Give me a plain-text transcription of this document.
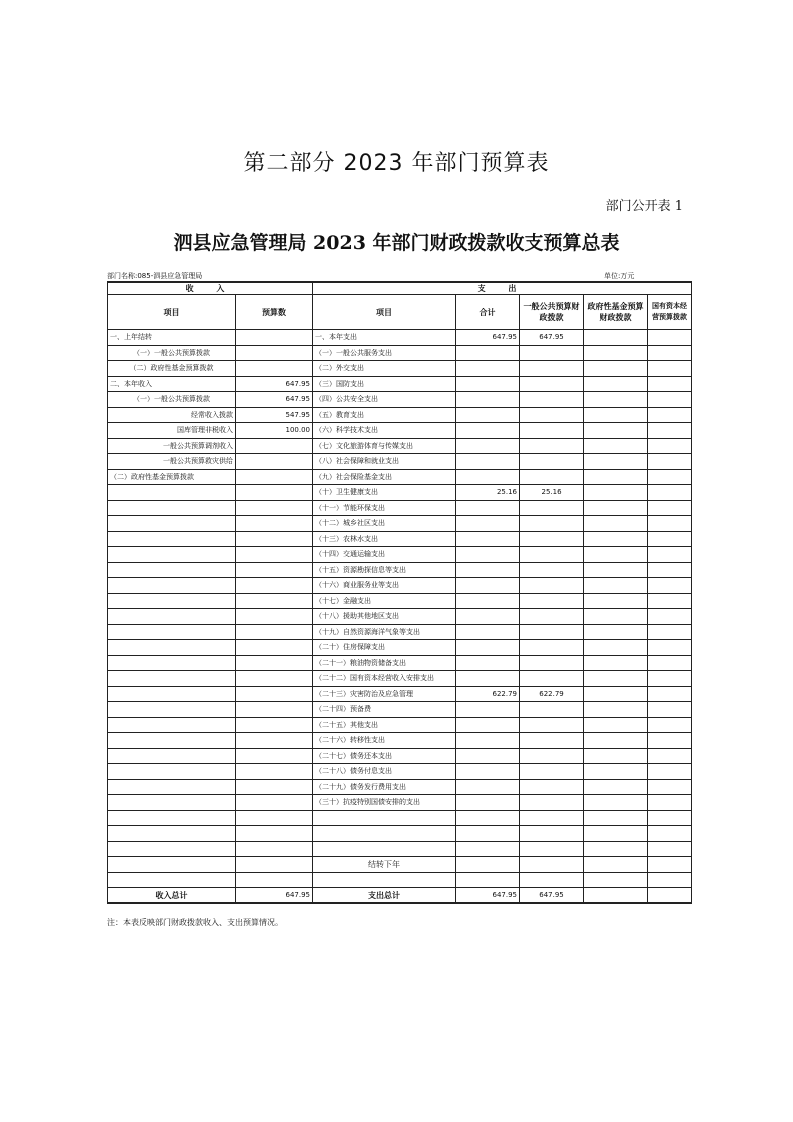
第二部分 2023 年部门预算表
部门公开表 1
泗县应急管理局 2023 年部门财政拨款收支预算总表
部门名称:085-泗县应急管理局	单位:万元
收 入		支 出				
项目	预算数	项目	合计	一般公共预算财政拨款	政府性基金预算财政拨款	国有资本经营预算拨款
一、上年结转		一、本年支出	647.95	647.95		
（一）一般公共预算拨款		（一）一般公共服务支出				
（二）政府性基金预算拨款		（二）外交支出				
二、本年收入	647.95	（三）国防支出				
（一）一般公共预算拨款	647.95	（四）公共安全支出				
经常收入拨款	547.95	（五）教育支出				
国库管理非税收入	100.00	（六）科学技术支出				
一般公共预算调剂收入		（七）文化旅游体育与传媒支出				
一般公共预算救灾供给		（八）社会保障和就业支出				
（二）政府性基金预算拨款		（九）社会保险基金支出				
		（十）卫生健康支出	25.16	25.16		
		（十一）节能环保支出				
		（十二）城乡社区支出				
		（十三）农林水支出				
		（十四）交通运输支出				
		（十五）资源勘探信息等支出				
		（十六）商业服务业等支出				
		（十七）金融支出				
		（十八）援助其他地区支出				
		（十九）自然资源海洋气象等支出				
		（二十）住房保障支出				
		（二十一）粮油物资储备支出				
		（二十二）国有资本经营收入安排支出				
		（二十三）灾害防治及应急管理	622.79	622.79		
		（二十四）预备费				
		（二十五）其他支出				
		（二十六）转移性支出				
		（二十七）债务还本支出				
		（二十八）债务付息支出				
		（二十九）债务发行费用支出				
		（三十）抗疫特别国债安排的支出				

		结转下年				

收入总计	647.95	支出总计	647.95	647.95		
注：本表反映部门财政拨款收入、支出预算情况。
